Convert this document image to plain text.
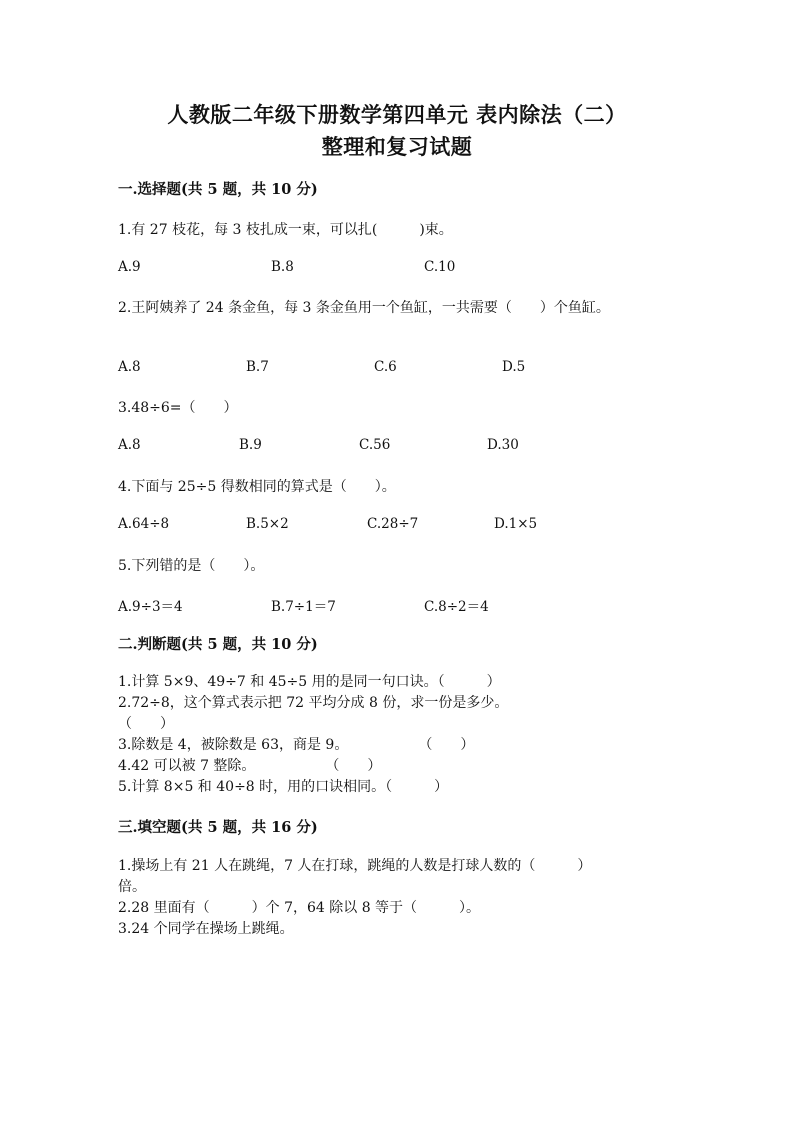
人教版二年级下册数学第四单元 表内除法（二）
整理和复习试题
一.选择题(共 5 题，共 10 分)
1.有 27 枝花，每 3 枝扎成一束，可以扎(　　　)束。
A.9	B.8	C.10
2.王阿姨养了 24 条金鱼，每 3 条金鱼用一个鱼缸，一共需要（　　）个鱼缸。
A.8	B.7	C.6	D.5
3.48÷6=（　　）
A.8	B.9	C.56	D.30
4.下面与 25÷5 得数相同的算式是（　　）。
A.64÷8	B.5×2	C.28÷7	D.1×5
5.下列错的是（　　）。
A.9÷3＝4	B.7÷1＝7	C.8÷2＝4
二.判断题(共 5 题，共 10 分)
1.计算 5×9、49÷7 和 45÷5 用的是同一句口诀。（　　　）
2.72÷8，这个算式表示把 72 平均分成 8 份，求一份是多少。
（　　）
3.除数是 4，被除数是 63，商是 9。　　　　　　（　　）
4.42 可以被 7 整除。　　　　　　（　　）
5.计算 8×5 和 40÷8 时，用的口诀相同。（　　　）
三.填空题(共 5 题，共 16 分)
1.操场上有 21 人在跳绳，7 人在打球，跳绳的人数是打球人数的（　　　）
倍。
2.28 里面有（　　　）个 7，64 除以 8 等于（　　　）。
3.24 个同学在操场上跳绳。
